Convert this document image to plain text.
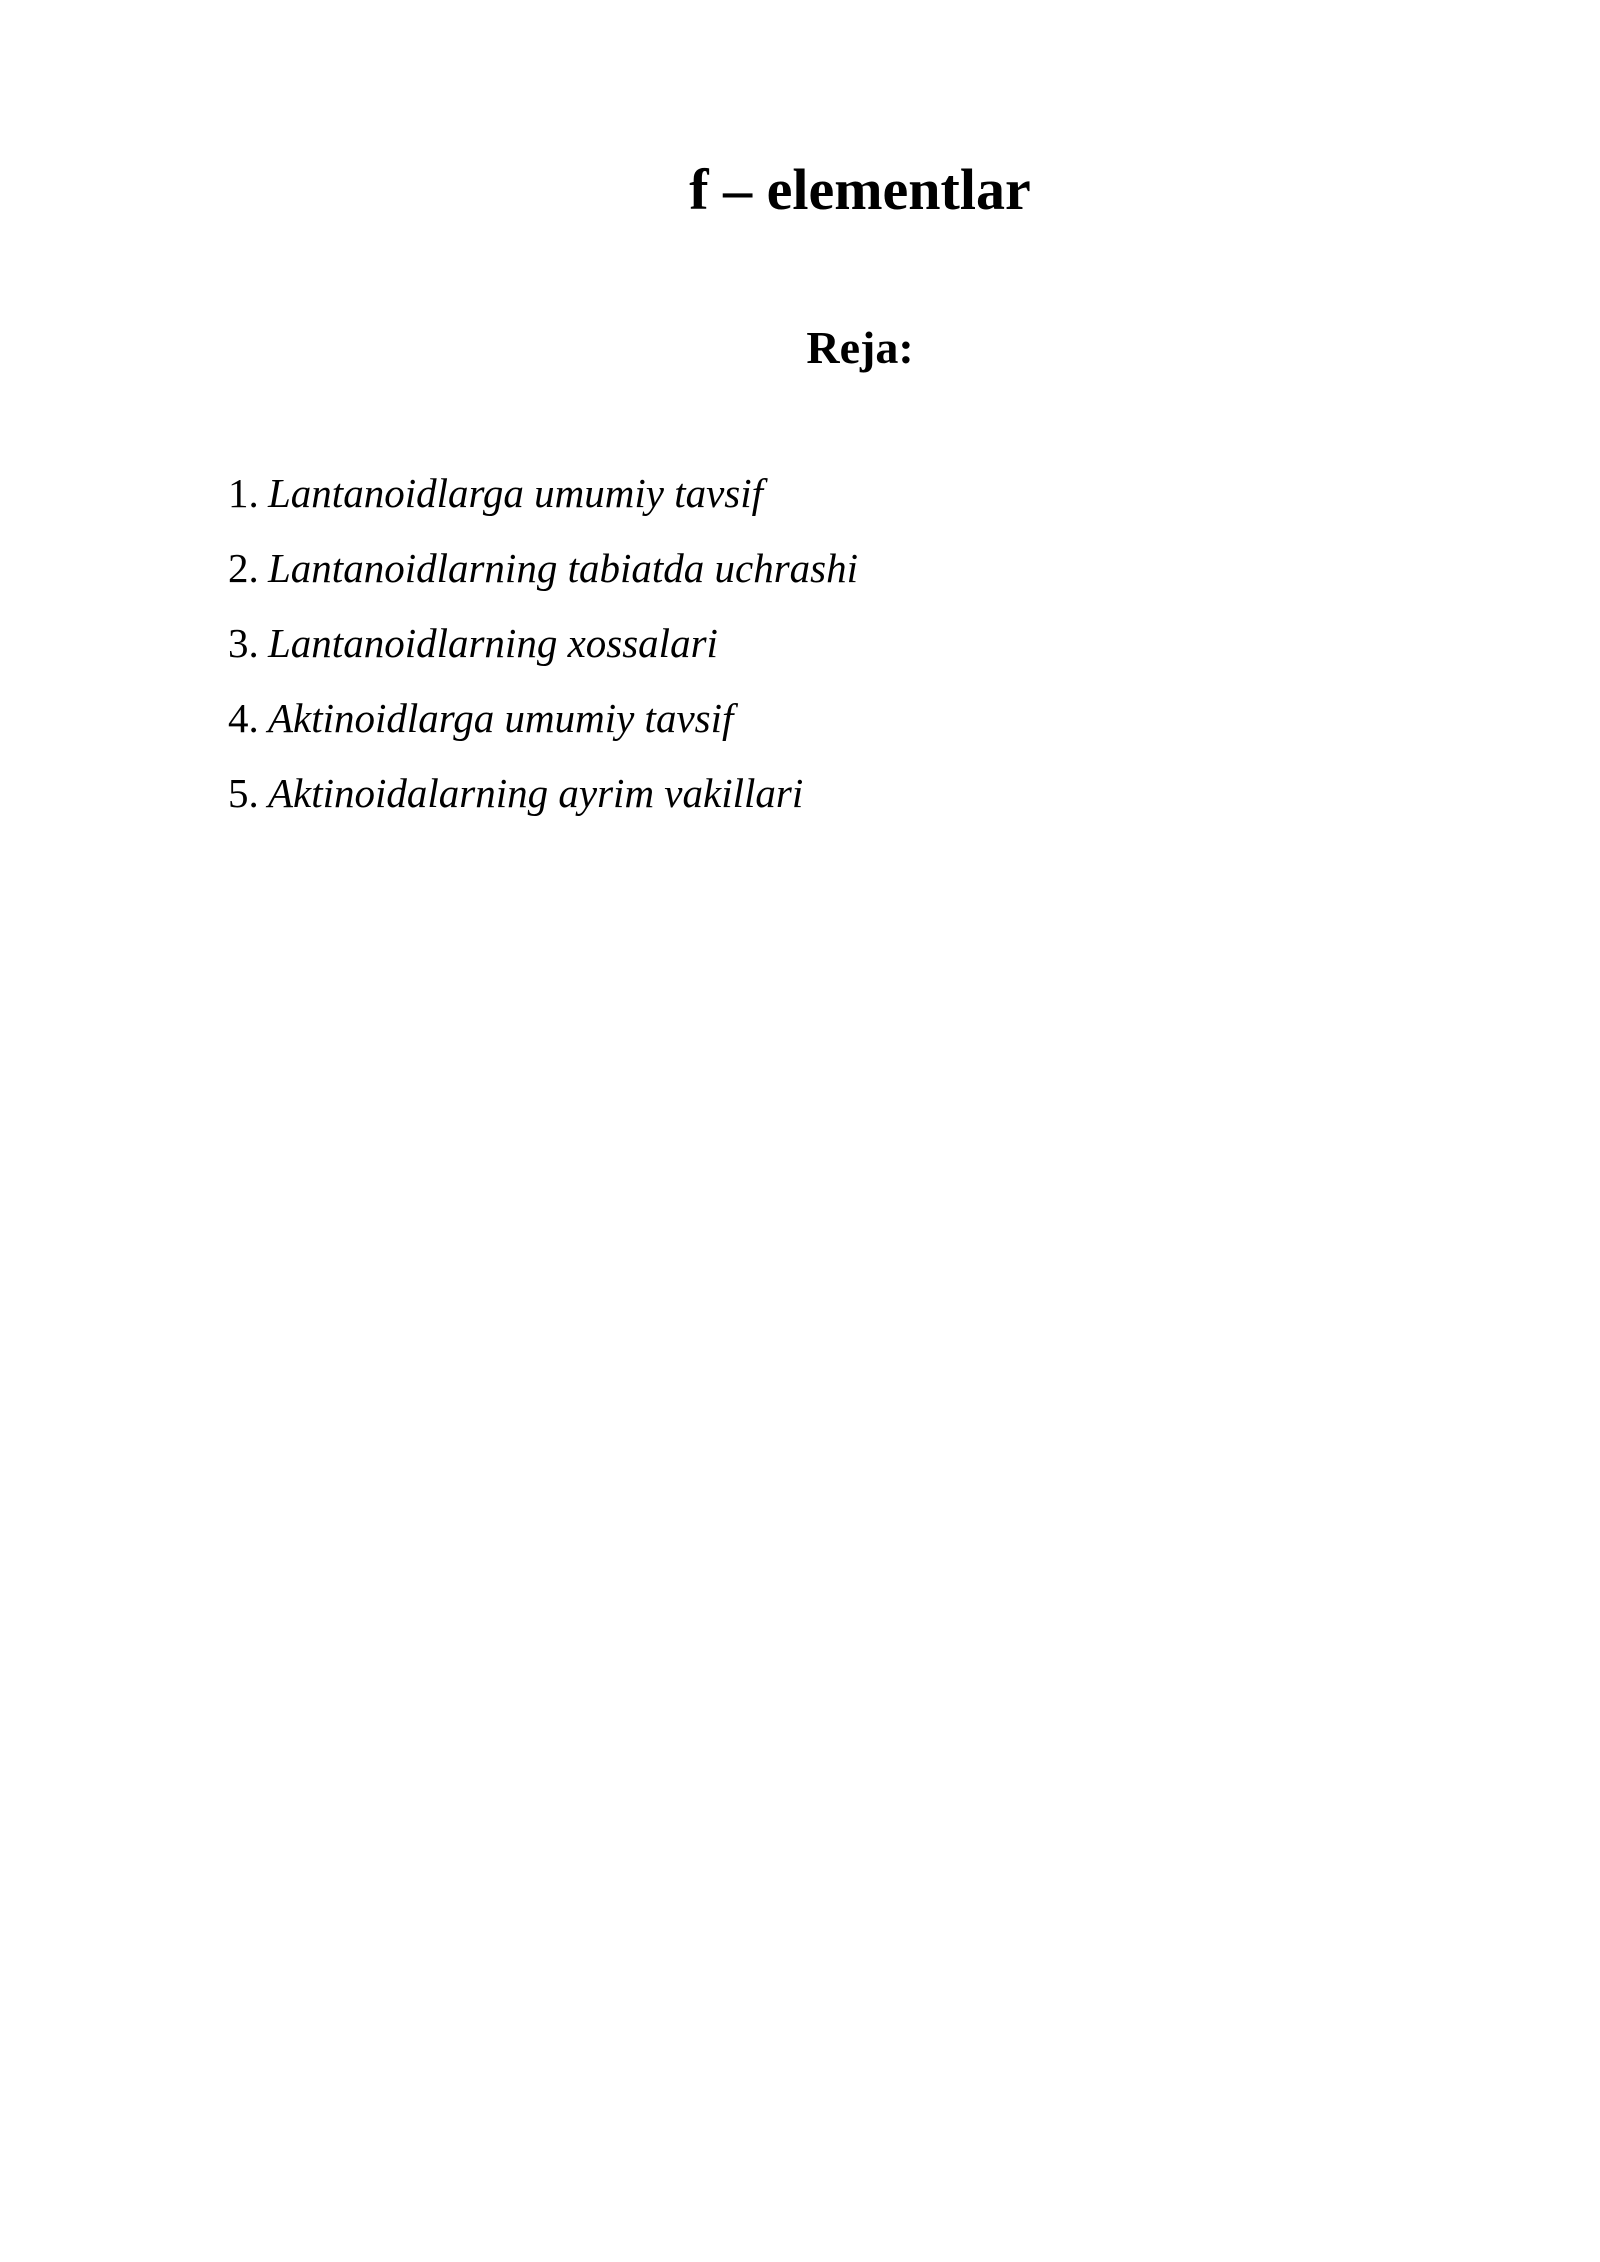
f – elementlar
Reja:
1. Lantanoidlarga umumiy tavsif
2. Lantanoidlarning tabiatda uchrashi
3. Lantanoidlarning xossalari
4. Aktinoidlarga umumiy tavsif
5. Aktinoidalarning ayrim vakillari
